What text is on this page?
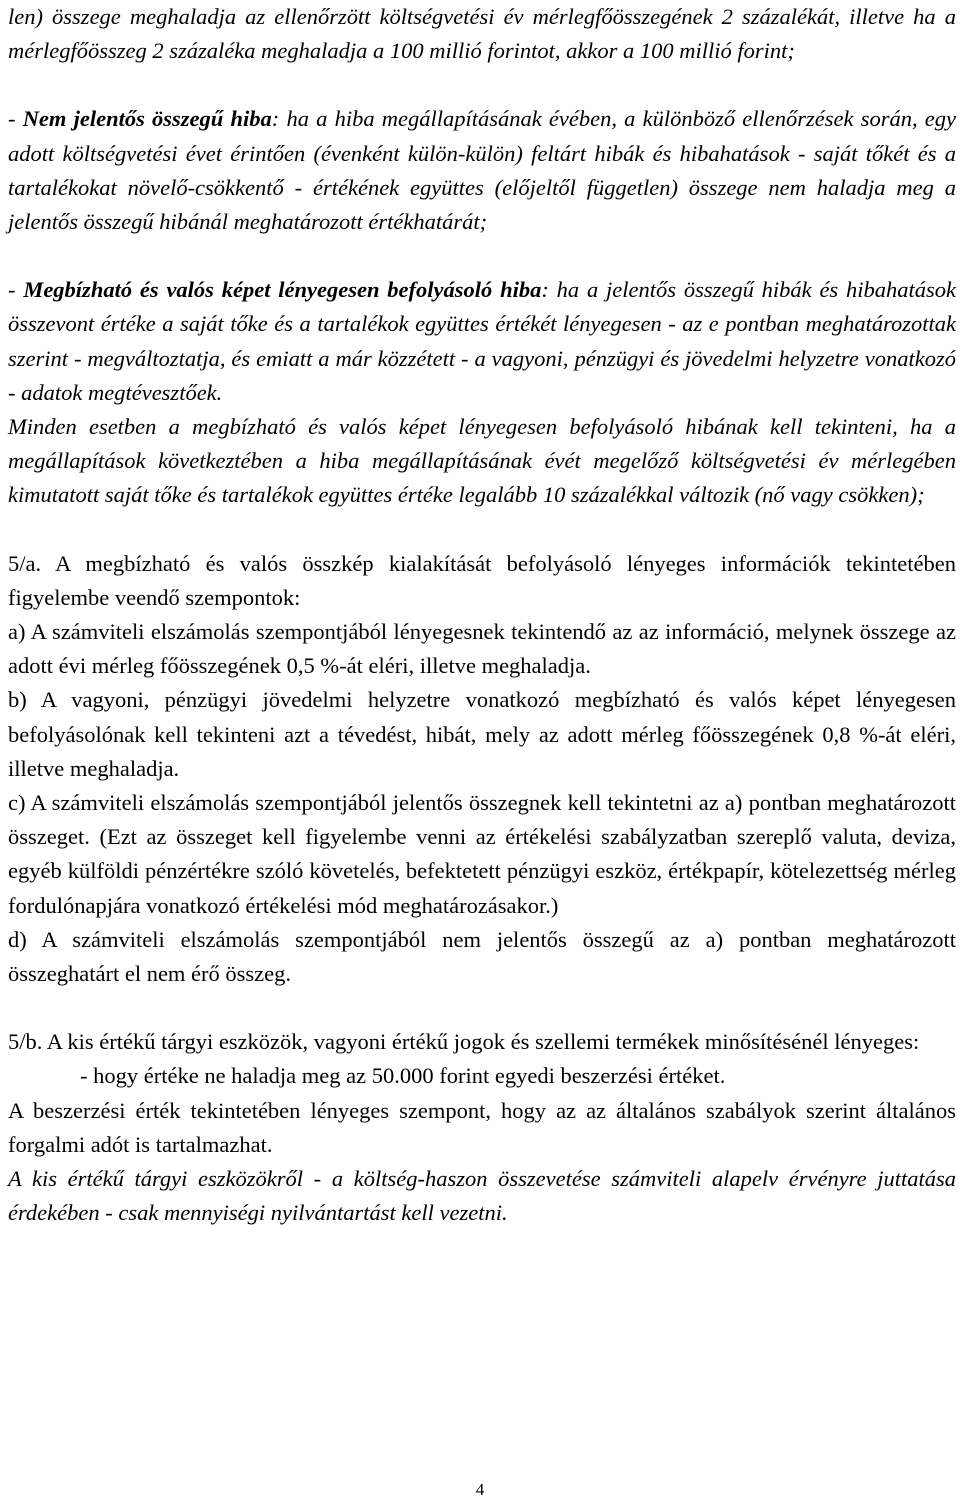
len) összege meghaladja az ellenőrzött költségvetési év mérlegfőösszegének 2 százalékát, illetve ha a mérlegfőösszeg 2 százaléka meghaladja a 100 millió forintot, akkor a 100 millió forint;

- Nem jelentős összegű hiba: ha a hiba megállapításának évében, a különböző ellenőrzések során, egy adott költségvetési évet érintően (évenként külön-külön) feltárt hibák és hibahatások - saját tőkét és a tartalékokat növelő-csökkentő - értékének együttes (előjeltől független) összege nem haladja meg a jelentős összegű hibánál meghatározott értékhatárát;

- Megbízható és valós képet lényegesen befolyásoló hiba: ha a jelentős összegű hibák és hibahatások összevont értéke a saját tőke és a tartalékok együttes értékét lényegesen - az e pontban meghatározottak szerint - megváltoztatja, és emiatt a már közzétett - a vagyoni, pénzügyi és jövedelmi helyzetre vonatkozó - adatok megtévesztőek.

Minden esetben a megbízható és valós képet lényegesen befolyásoló hibának kell tekinteni, ha a megállapítások következtében a hiba megállapításának évét megelőző költségvetési év mérlegében kimutatott saját tőke és tartalékok együttes értéke legalább 10 százalékkal változik (nő vagy csökken);

5/a. A megbízható és valós összkép kialakítását befolyásoló lényeges információk tekintetében figyelembe veendő szempontok:

a) A számviteli elszámolás szempontjából lényegesnek tekintendő az az információ, melynek összege az adott évi mérleg főösszegének 0,5 %-át eléri, illetve meghaladja.

b) A vagyoni, pénzügyi jövedelmi helyzetre vonatkozó megbízható és valós képet lényegesen befolyásolónak kell tekinteni azt a tévedést, hibát, mely az adott mérleg főösszegének 0,8 %-át eléri, illetve meghaladja.

c) A számviteli elszámolás szempontjából jelentős összegnek kell tekintetni az a) pontban meghatározott összeget. (Ezt az összeget kell figyelembe venni az értékelési szabályzatban szereplő valuta, deviza, egyéb külföldi pénzértékre szóló követelés, befektetett pénzügyi eszköz, értékpapír, kötelezettség mérleg fordulónapjára vonatkozó értékelési mód meghatározásakor.)

d) A számviteli elszámolás szempontjából nem jelentős összegű az a) pontban meghatározott összeghatárt el nem érő összeg.

5/b. A kis értékű tárgyi eszközök, vagyoni értékű jogok és szellemi termékek minősítésénél lényeges:

- hogy értéke ne haladja meg az 50.000 forint egyedi beszerzési értéket.

A beszerzési érték tekintetében lényeges szempont, hogy az az általános szabályok szerint általános forgalmi adót is tartalmazhat.

A kis értékű tárgyi eszközökről - a költség-haszon összevetése számviteli alapelv érvényre juttatása érdekében - csak mennyiségi nyilvántartást kell vezetni.

4
